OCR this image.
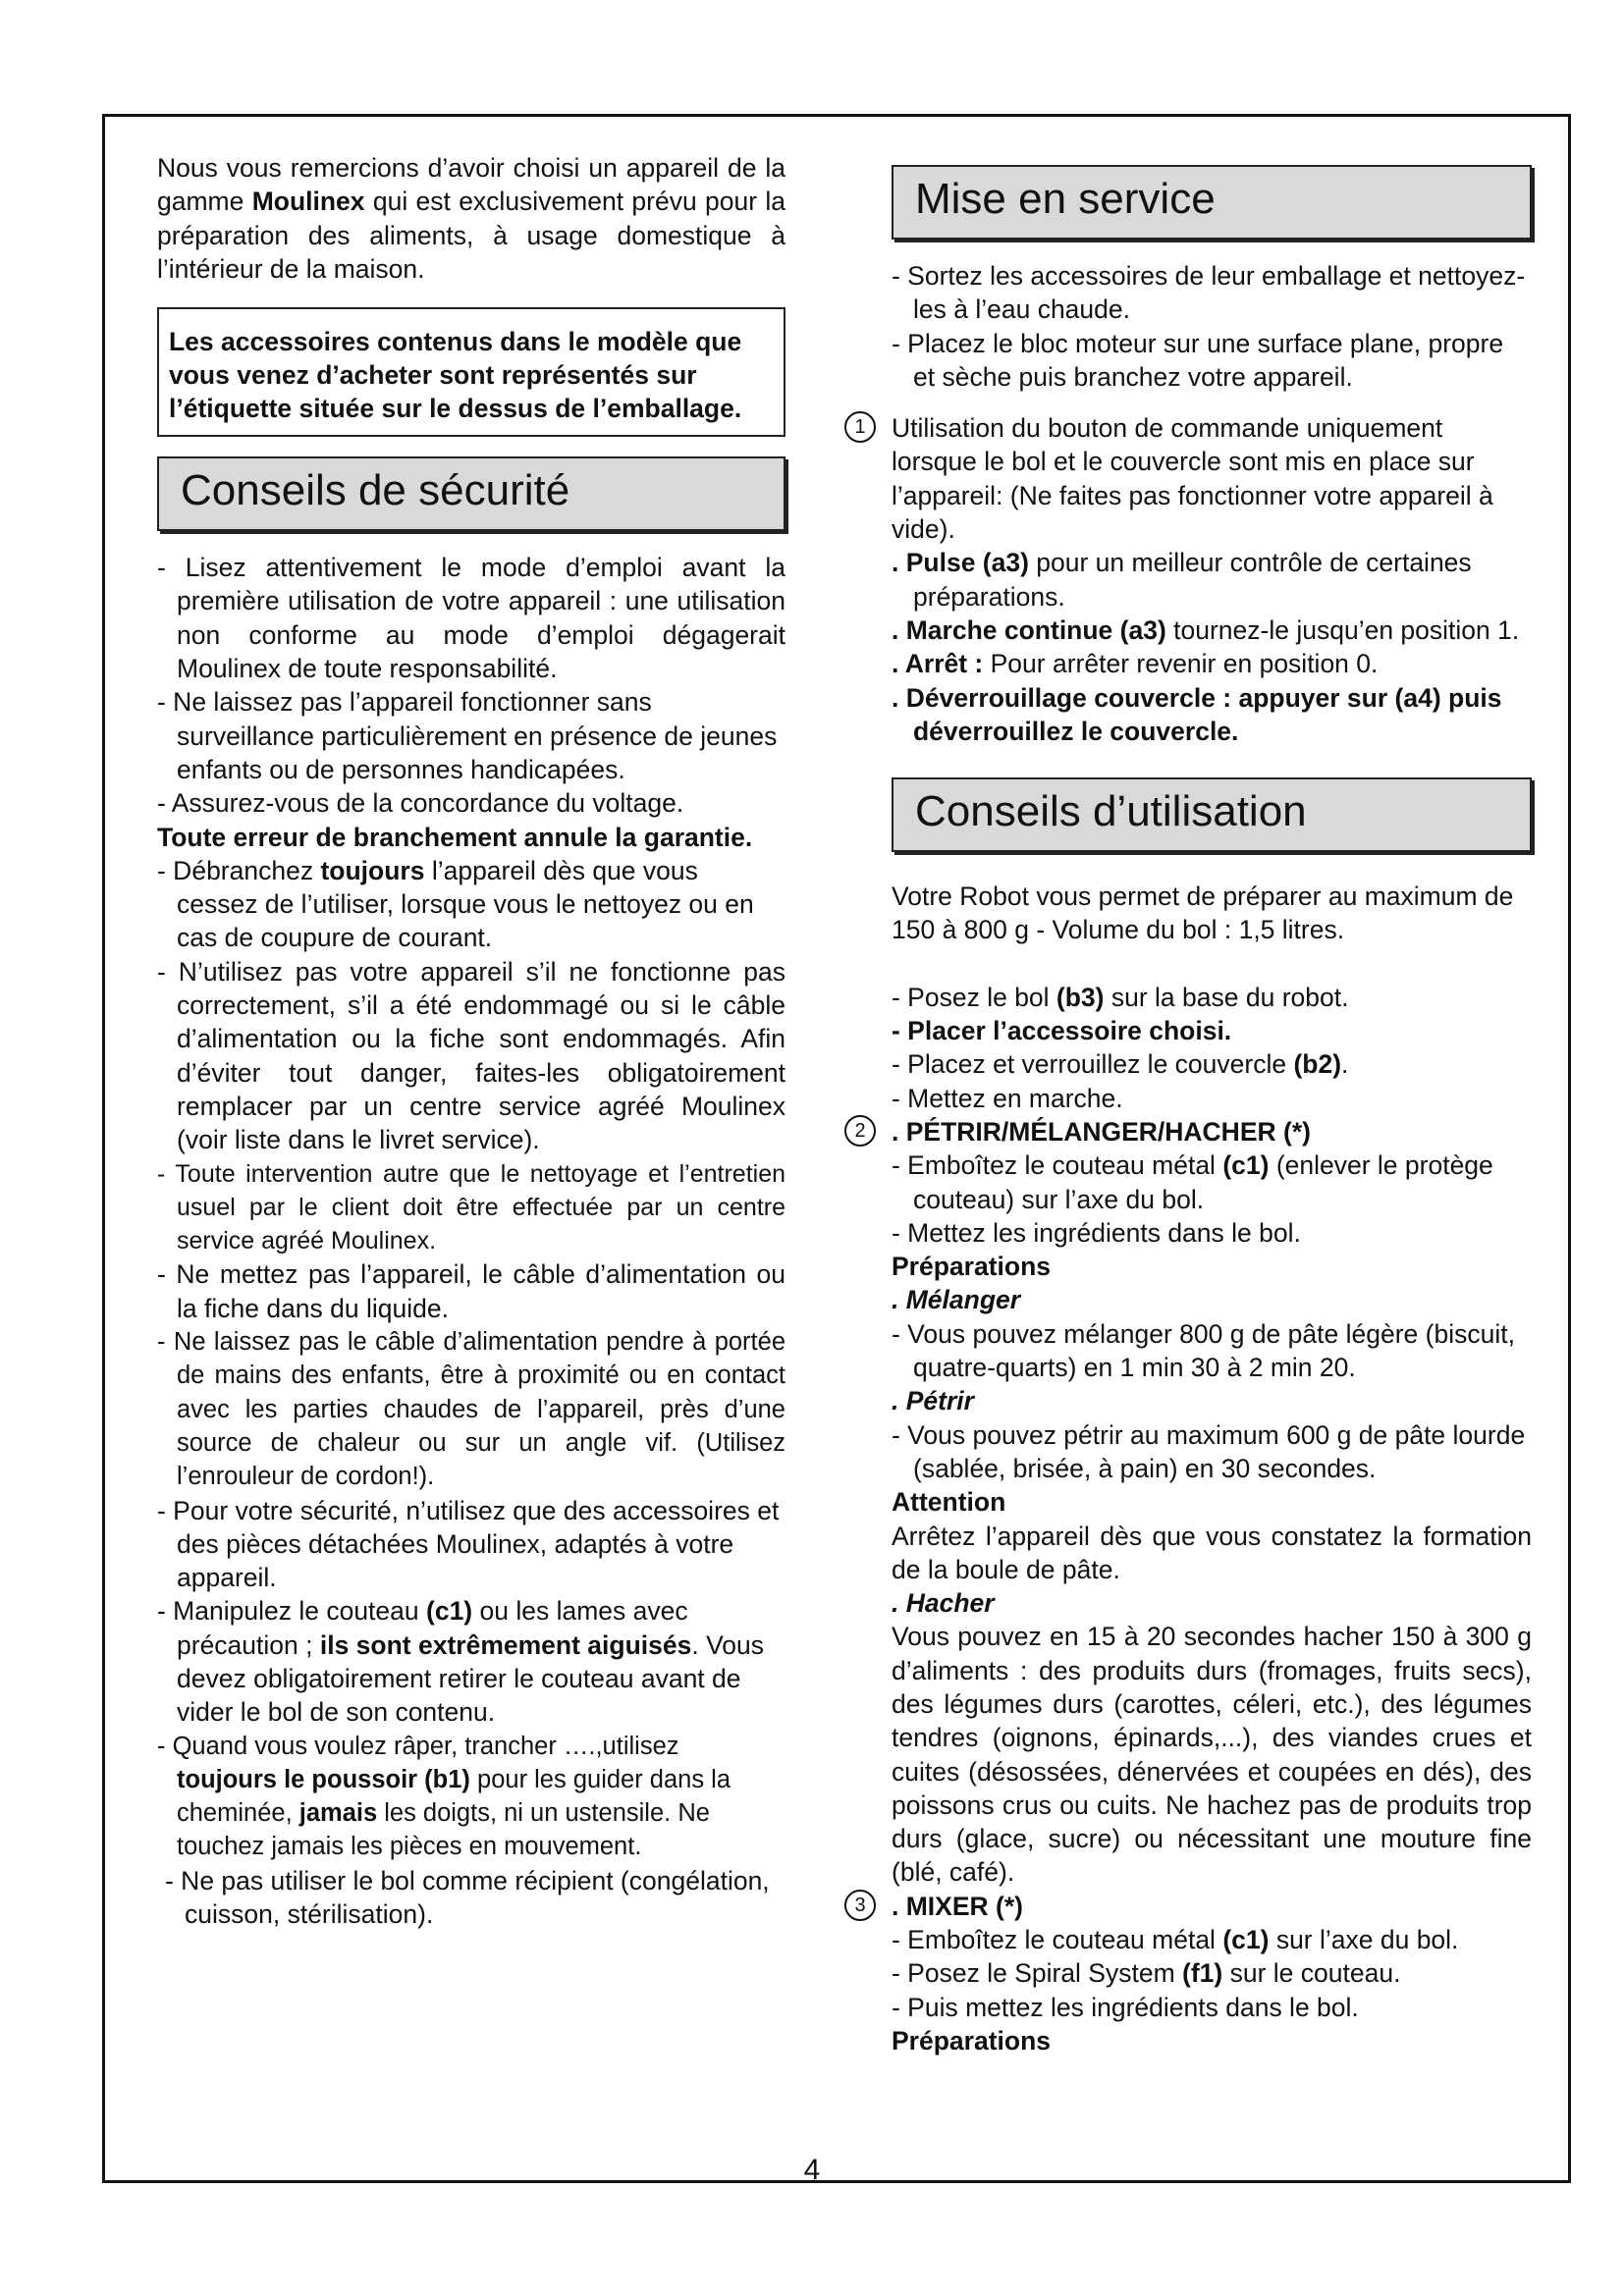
Nous vous remercions d’avoir choisi un appareil de la gamme Moulinex qui est exclusivement prévu pour la préparation des aliments, à usage domestique à l’intérieur de la maison.

Les accessoires contenus dans le modèle que vous venez d’acheter sont représentés sur l’étiquette située sur le dessus de l’emballage.
Conseils de sécurité

- Lisez attentivement le mode d’emploi avant la première utilisation de votre appareil : une utilisation non conforme au mode d’emploi dégagerait Moulinex de toute responsabilité.

- Ne laissez pas l’appareil fonctionner sans surveillance particulièrement en présence de jeunes enfants ou de personnes handicapées.

- Assurez-vous de la concordance du voltage.

Toute erreur de branchement annule la garantie.

- Débranchez toujours l’appareil dès que vous cessez de l’utiliser, lorsque vous le nettoyez ou en cas de coupure de courant.

- N’utilisez pas votre appareil s’il ne fonctionne pas correctement, s’il a été endommagé ou si le câble d’alimentation ou la fiche sont endommagés. Afin d’éviter tout danger, faites-les obligatoirement remplacer par un centre service agréé Moulinex (voir liste dans le livret service).

- Toute intervention autre que le nettoyage et l’entretien usuel par le client doit être effectuée par un centre service agréé Moulinex.

- Ne mettez pas l’appareil, le câble d’alimentation ou la fiche dans du liquide.

- Ne laissez pas le câble d’alimentation pendre à portée de mains des enfants, être à proximité ou en contact avec les parties chaudes de l’appareil, près d’une source de chaleur ou sur un angle vif. (Utilisez l’enrouleur de cordon!).

- Pour votre sécurité, n’utilisez que des accessoires et des pièces détachées Moulinex, adaptés à votre appareil.

- Manipulez le couteau (c1) ou les lames avec précaution ; ils sont extrêmement aiguisés. Vous devez obligatoirement retirer le couteau avant de vider le bol de son contenu.

- Quand vous voulez râper, trancher ….,utilisez toujours le poussoir (b1) pour les guider dans la cheminée, jamais les doigts, ni un ustensile. Ne touchez jamais les pièces en mouvement.

- Ne pas utiliser le bol comme récipient (congélation, cuisson, stérilisation).

Mise en service

- Sortez les accessoires de leur emballage et nettoyez-les à l’eau chaude.

- Placez le bloc moteur sur une surface plane, propre et sèche puis branchez votre appareil.

1 Utilisation du bouton de commande uniquement lorsque le bol et le couvercle sont mis en place sur l’appareil: (Ne faites pas fonctionner votre appareil à vide).

. Pulse (a3) pour un meilleur contrôle de certaines préparations.

. Marche continue (a3) tournez-le jusqu’en position 1.

. Arrêt : Pour arrêter revenir en position 0.

. Déverrouillage couvercle : appuyer sur (a4) puis déverrouillez le couvercle.

Conseils d’utilisation

Votre Robot vous permet de préparer au maximum de 150 à 800 g - Volume du bol : 1,5 litres.

- Posez le bol (b3) sur la base du robot.

- Placer l’accessoire choisi.

- Placez et verrouillez le couvercle (b2).

- Mettez en marche.

2 . PÉTRIR/MÉLANGER/HACHER (*)

- Emboîtez le couteau métal (c1) (enlever le protège couteau) sur l’axe du bol.

- Mettez les ingrédients dans le bol.

Préparations

. Mélanger

- Vous pouvez mélanger 800 g de pâte légère (biscuit, quatre-quarts) en 1 min 30 à 2 min 20.

. Pétrir

- Vous pouvez pétrir au maximum 600 g de pâte lourde (sablée, brisée, à pain) en 30 secondes.

Attention

Arrêtez l’appareil dès que vous constatez la formation de la boule de pâte.

. Hacher

Vous pouvez en 15 à 20 secondes hacher 150 à 300 g d’aliments : des produits durs (fromages, fruits secs), des légumes durs (carottes, céleri, etc.), des légumes tendres (oignons, épinards,...), des viandes crues et cuites (désossées, dénervées et coupées en dés), des poissons crus ou cuits. Ne hachez pas de produits trop durs (glace, sucre) ou nécessitant une mouture fine (blé, café).

3 . MIXER (*)

- Emboîtez le couteau métal (c1) sur l’axe du bol.

- Posez le Spiral System (f1) sur le couteau.

- Puis mettez les ingrédients dans le bol.

Préparations

4
